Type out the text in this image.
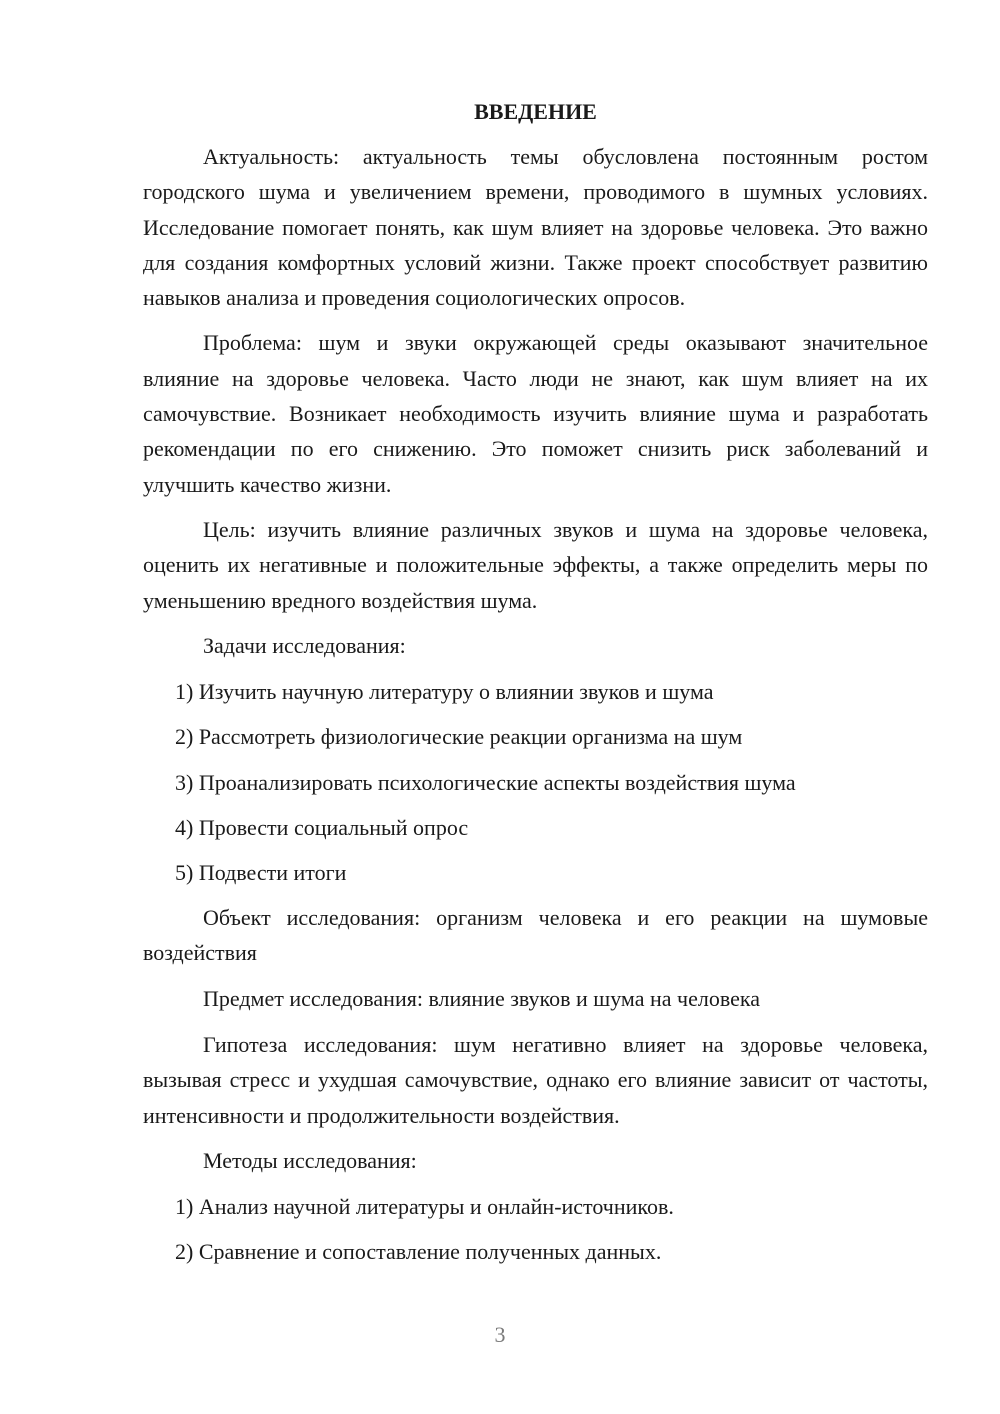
ВВЕДЕНИЕ
Актуальность: актуальность темы обусловлена постоянным ростом городского шума и увеличением времени, проводимого в шумных условиях. Исследование помогает понять, как шум влияет на здоровье человека. Это важно для создания комфортных условий жизни. Также проект способствует развитию навыков анализа и проведения социологических опросов.
Проблема: шум и звуки окружающей среды оказывают значительное влияние на здоровье человека. Часто люди не знают, как шум влияет на их самочувствие. Возникает необходимость изучить влияние шума и разработать рекомендации по его снижению. Это поможет снизить риск заболеваний и улучшить качество жизни.
Цель: изучить влияние различных звуков и шума на здоровье человека, оценить их негативные и положительные эффекты, а также определить меры по уменьшению вредного воздействия шума.
Задачи исследования:
1) Изучить научную литературу о влиянии звуков и шума
2) Рассмотреть физиологические реакции организма на шум
3) Проанализировать психологические аспекты воздействия шума
4) Провести социальный опрос
5) Подвести итоги
Объект исследования: организм человека и его реакции на шумовые воздействия
Предмет исследования: влияние звуков и шума на человека
Гипотеза исследования: шум негативно влияет на здоровье человека, вызывая стресс и ухудшая самочувствие, однако его влияние зависит от частоты, интенсивности и продолжительности воздействия.
Методы исследования:
1) Анализ научной литературы и онлайн-источников.
2) Сравнение и сопоставление полученных данных.
3
